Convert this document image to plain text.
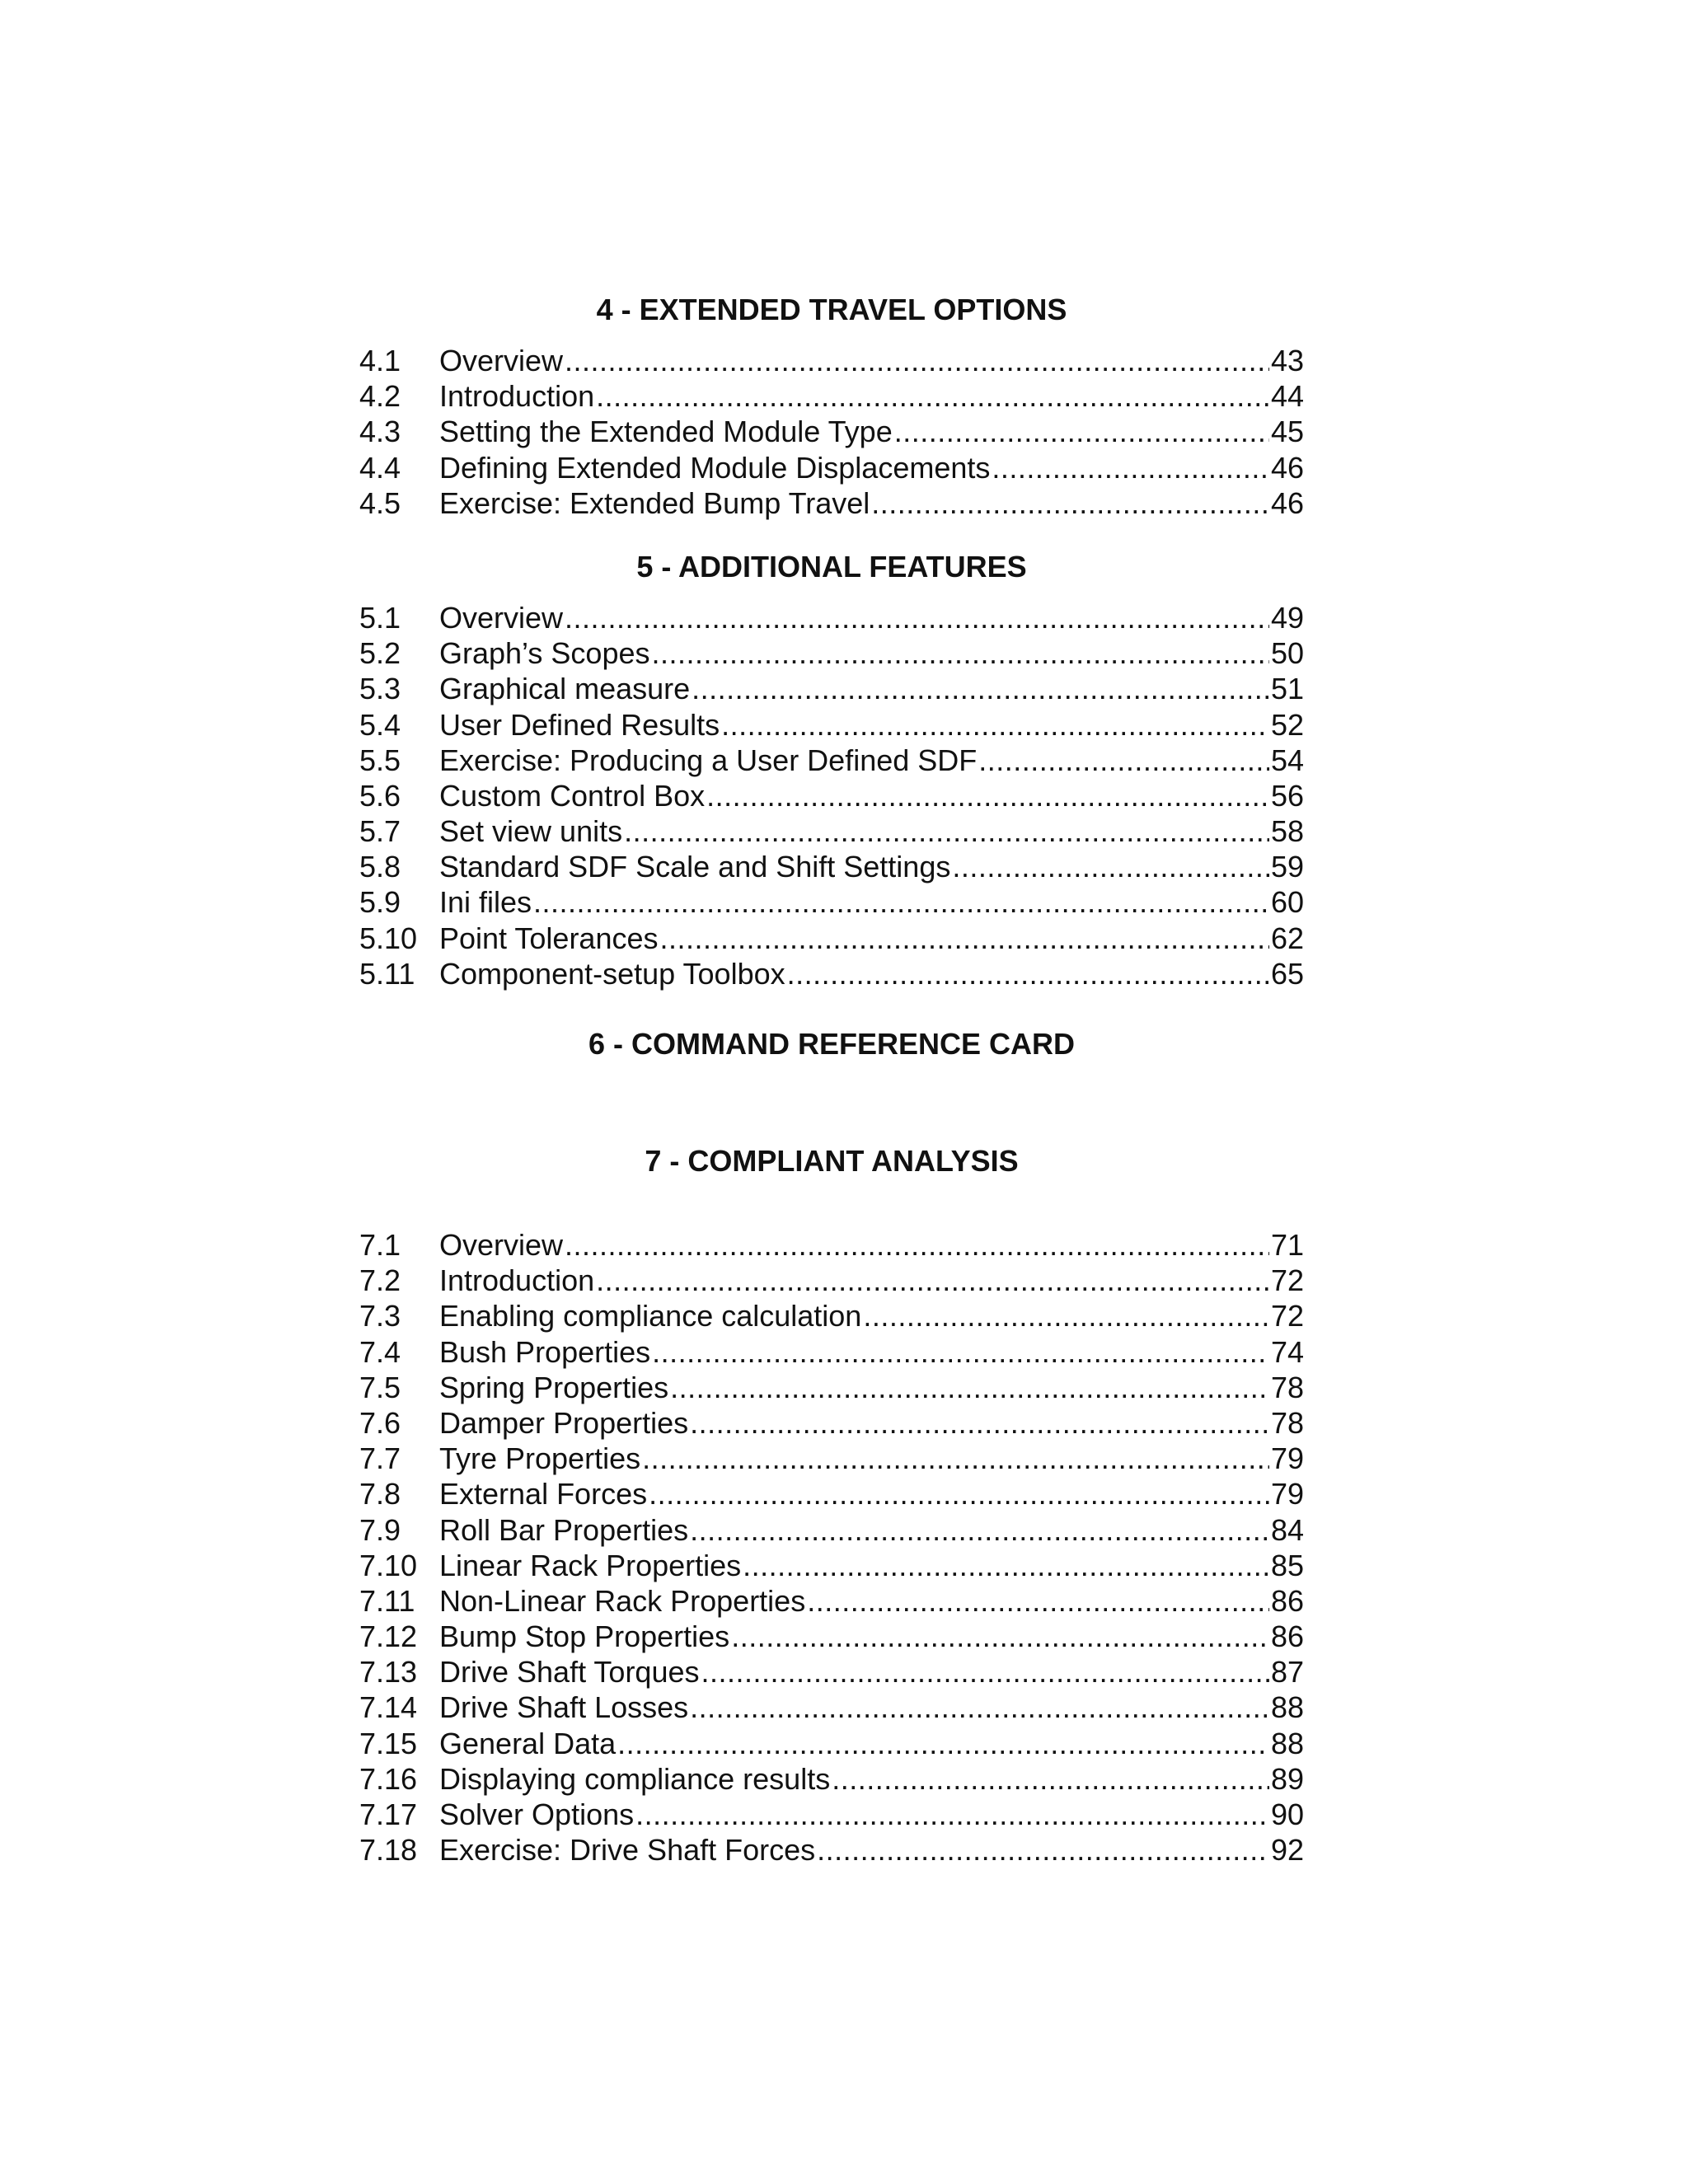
4 - EXTENDED TRAVEL OPTIONS
4.1	Overview .....	43
4.2	Introduction .....	44
4.3	Setting the Extended Module Type .....	45
4.4	Defining Extended Module Displacements .....	46
4.5	Exercise: Extended Bump Travel .....	46
5 - ADDITIONAL FEATURES
5.1	Overview .....	49
5.2	Graph’s Scopes .....	50
5.3	Graphical measure .....	51
5.4	User Defined Results .....	52
5.5	Exercise: Producing a User Defined SDF .....	54
5.6	Custom Control Box .....	56
5.7	Set view units .....	58
5.8	Standard SDF Scale and Shift Settings .....	59
5.9	Ini files .....	60
5.10 Point Tolerances .....	62
5.11 Component-setup Toolbox .....	65
6 - COMMAND REFERENCE CARD
7 - COMPLIANT ANALYSIS
7.1	Overview .....	71
7.2	Introduction .....	72
7.3	Enabling compliance calculation .....	72
7.4	Bush Properties .....	74
7.5	Spring Properties .....	78
7.6	Damper Properties .....	78
7.7	Tyre Properties .....	79
7.8	External Forces .....	79
7.9	Roll Bar Properties .....	84
7.10 Linear Rack Properties .....	85
7.11 Non-Linear Rack Properties .....	86
7.12 Bump Stop Properties .....	86
7.13 Drive Shaft Torques .....	87
7.14 Drive Shaft Losses .....	88
7.15 General Data .....	88
7.16 Displaying compliance results .....	89
7.17 Solver Options .....	90
7.18 Exercise: Drive Shaft Forces .....	92
